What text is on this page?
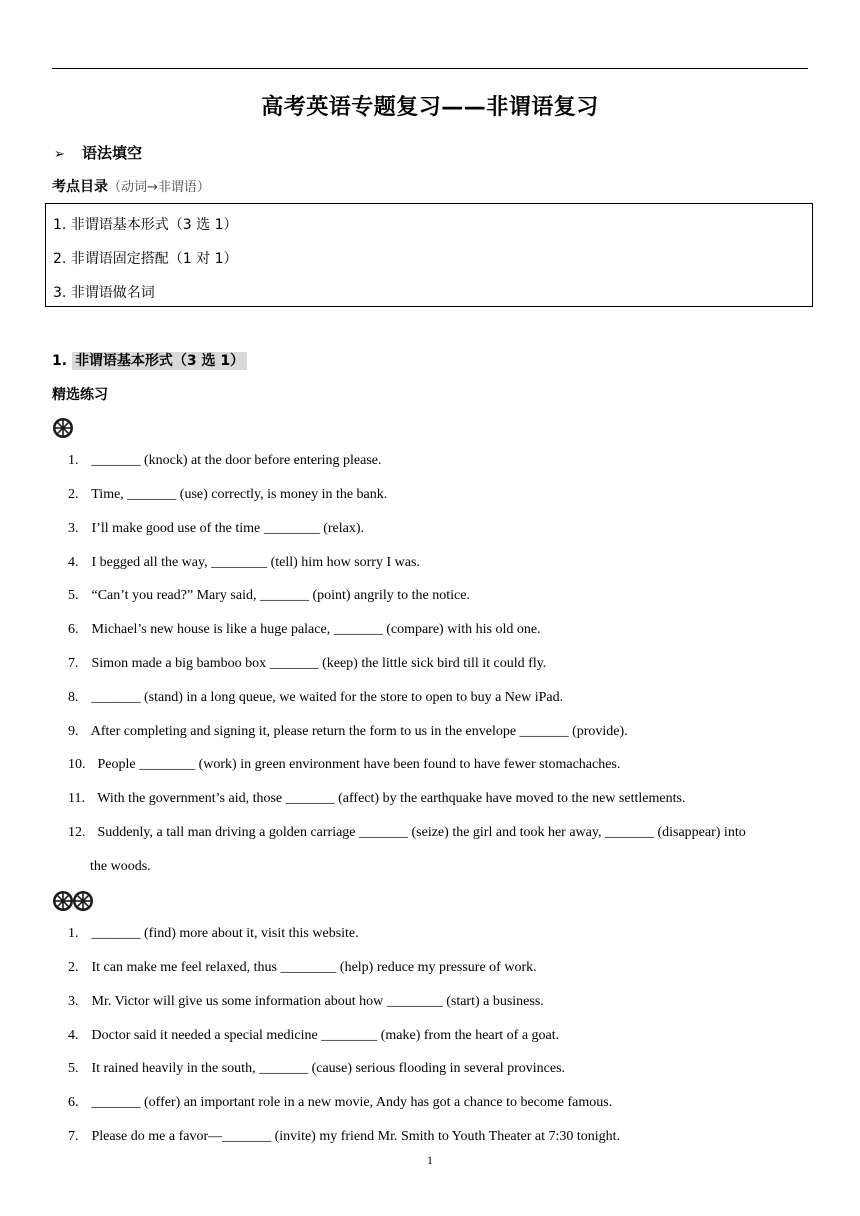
高考英语专题复习——非谓语复习
➢ 语法填空
考点目录（动词→非谓语）
1. 非谓语基本形式（3 选 1）
2. 非谓语固定搭配（1 对 1）
3. 非谓语做名词
1. 非谓语基本形式（3 选 1）
精选练习
1. _______ (knock) at the door before entering please.
2. Time, _______ (use) correctly, is money in the bank.
3. I’ll make good use of the time ________ (relax).
4. I begged all the way, ________ (tell) him how sorry I was.
5. “Can’t you read?” Mary said, _______ (point) angrily to the notice.
6. Michael’s new house is like a huge palace, _______ (compare) with his old one.
7. Simon made a big bamboo box _______ (keep) the little sick bird till it could fly.
8. _______ (stand) in a long queue, we waited for the store to open to buy a New iPad.
9. After completing and signing it, please return the form to us in the envelope _______ (provide).
10. People ________ (work) in green environment have been found to have fewer stomachaches.
11. With the government’s aid, those _______ (affect) by the earthquake have moved to the new settlements.
12. Suddenly, a tall man driving a golden carriage _______ (seize) the girl and took her away, _______ (disappear) into
the woods.
1. _______ (find) more about it, visit this website.
2. It can make me feel relaxed, thus ________ (help) reduce my pressure of work.
3. Mr. Victor will give us some information about how ________ (start) a business.
4. Doctor said it needed a special medicine ________ (make) from the heart of a goat.
5. It rained heavily in the south, _______ (cause) serious flooding in several provinces.
6. _______ (offer) an important role in a new movie, Andy has got a chance to become famous.
7. Please do me a favor—_______ (invite) my friend Mr. Smith to Youth Theater at 7:30 tonight.
1
